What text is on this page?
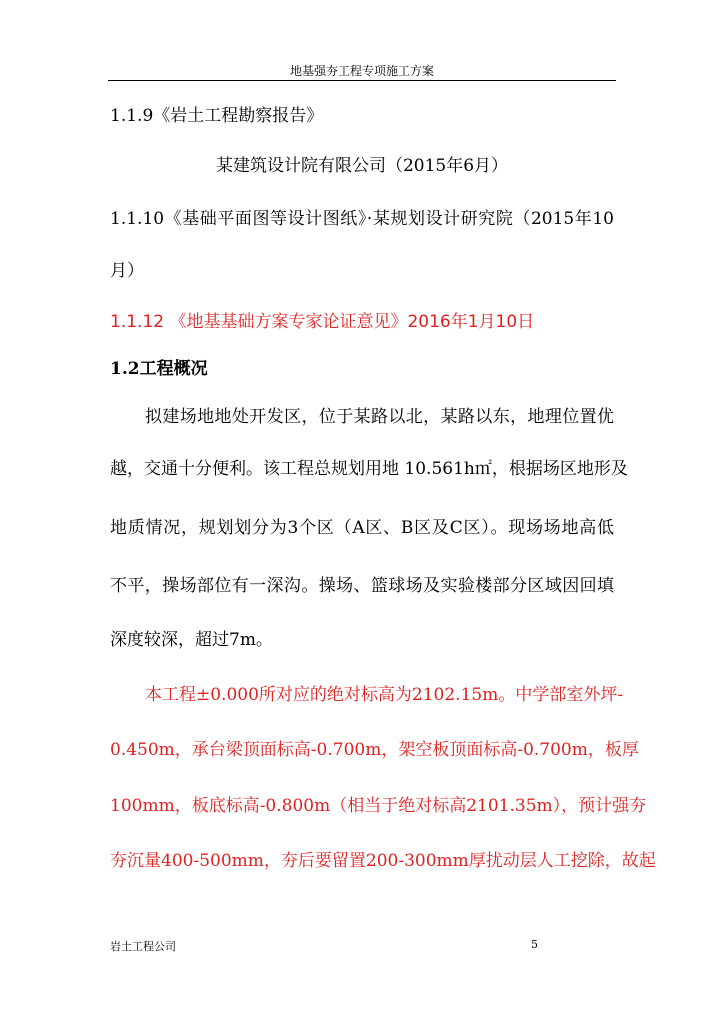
地基强夯工程专项施工方案
1.1.9《岩土工程勘察报告》
某建筑设计院有限公司（2015年6月）
1.1.10《基础平面图等设计图纸》·某规划设计研究院（2015年10
月）
1.1.12 《地基基础方案专家论证意见》2016年1月10日
1.2工程概况
拟建场地地处开发区，位于某路以北，某路以东，地理位置优
越，交通十分便利。该工程总规划用地 10.561h㎡，根据场区地形及
地质情况，规划划分为3个区（A区、B区及C区）。现场场地高低
不平，操场部位有一深沟。操场、篮球场及实验楼部分区域因回填
深度较深，超过7m。
本工程±0.000所对应的绝对标高为2102.15m。中学部室外坪-
0.450m，承台梁顶面标高-0.700m，架空板顶面标高-0.700m，板厚
100mm，板底标高-0.800m（相当于绝对标高2101.35m），预计强夯
夯沉量400-500mm，夯后要留置200-300mm厚扰动层人工挖除，故起
岩土工程公司	5
